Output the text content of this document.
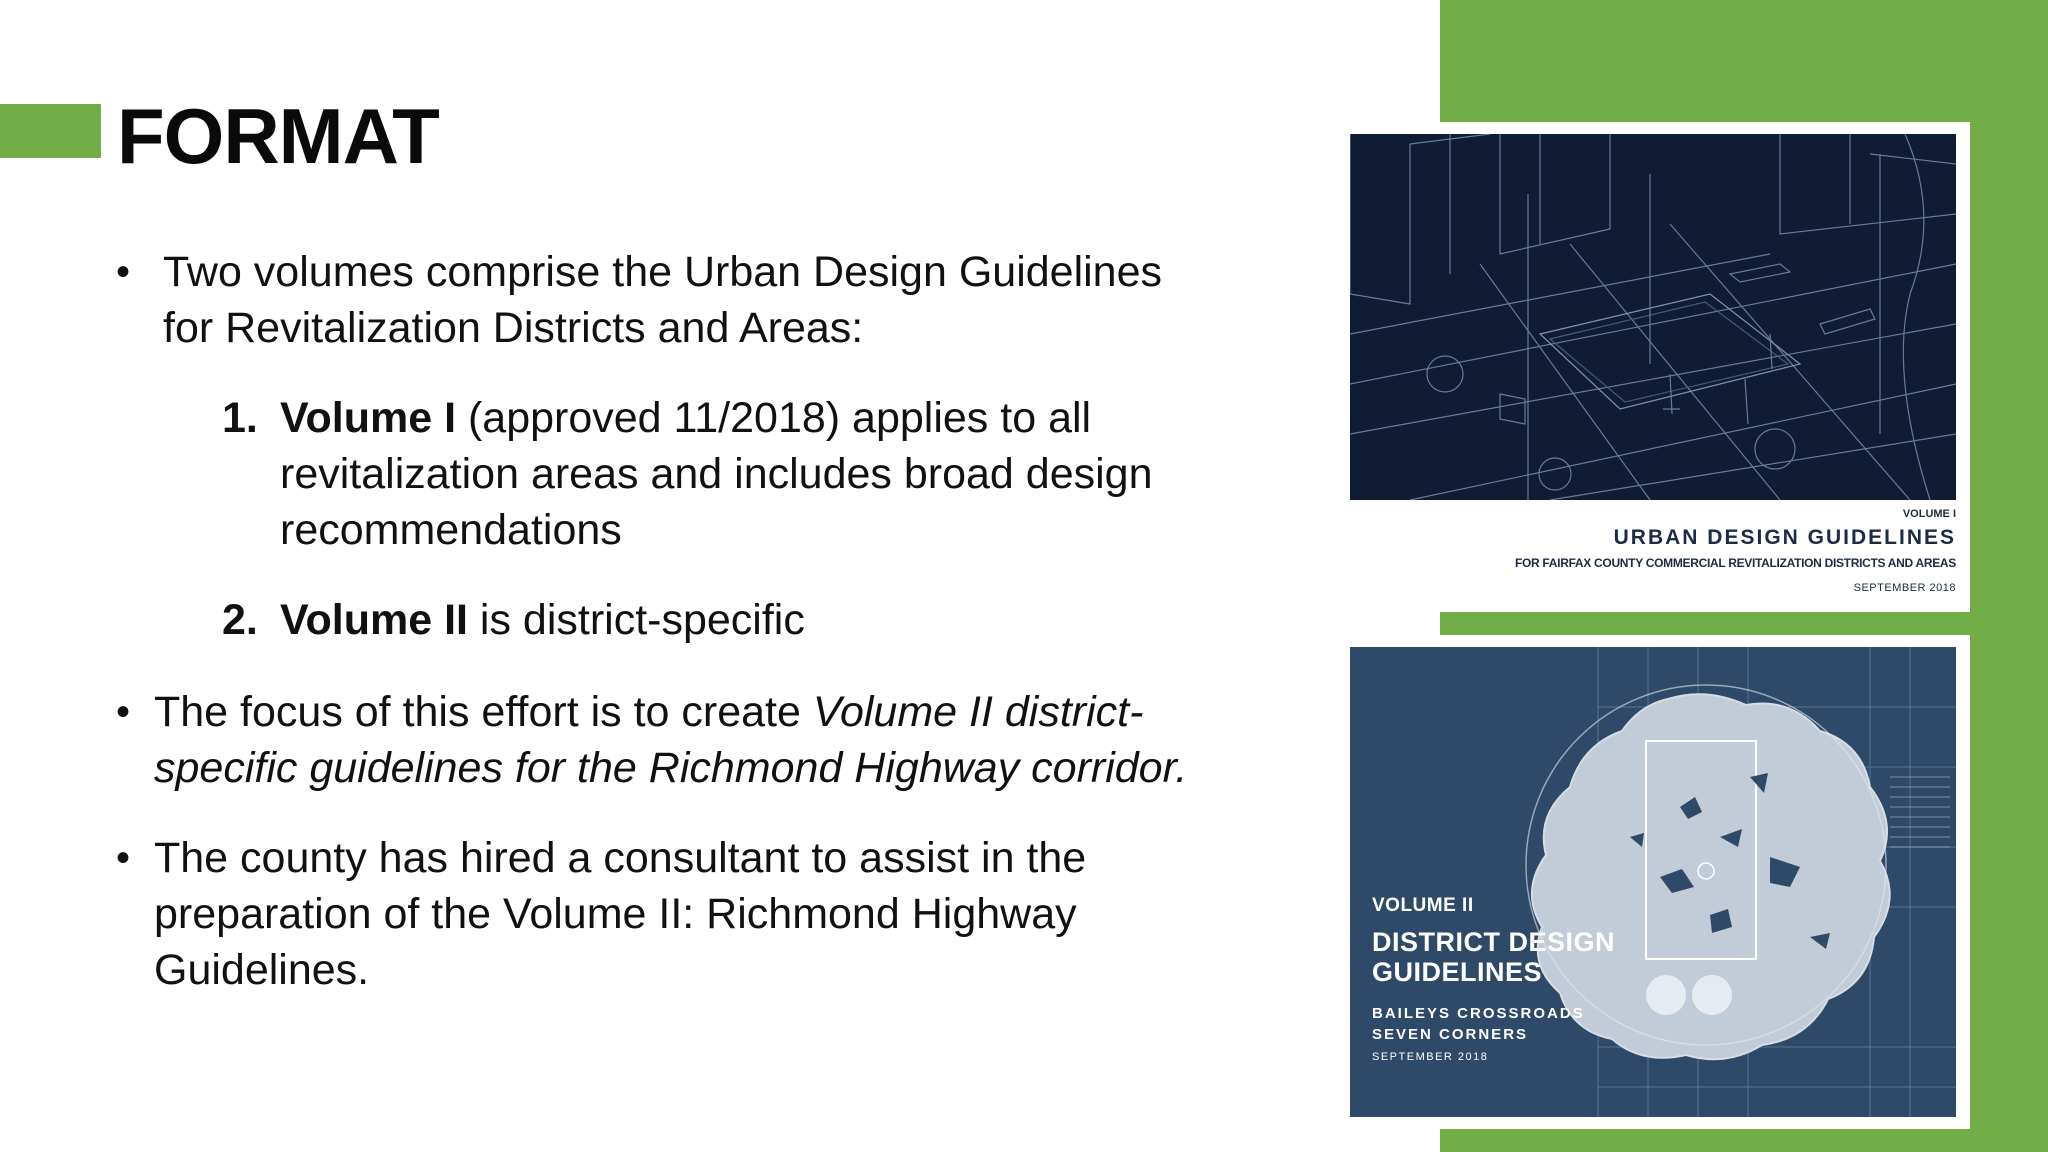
FORMAT
• Two volumes comprise the Urban Design Guidelines
for Revitalization Districts and Areas:
1. Volume I (approved 11/2018) applies to all
revitalization areas and includes broad design
recommendations
2. Volume II is district-specific
• The focus of this effort is to create Volume II district-
specific guidelines for the Richmond Highway corridor.
• The county has hired a consultant to assist in the
preparation of the Volume II: Richmond Highway
Guidelines.
VOLUME I
URBAN DESIGN GUIDELINES
FOR FAIRFAX COUNTY COMMERCIAL REVITALIZATION DISTRICTS AND AREAS
SEPTEMBER 2018
VOLUME II
DISTRICT DESIGN
GUIDELINES
BAILEYS CROSSROADS
SEVEN CORNERS
SEPTEMBER 2018
